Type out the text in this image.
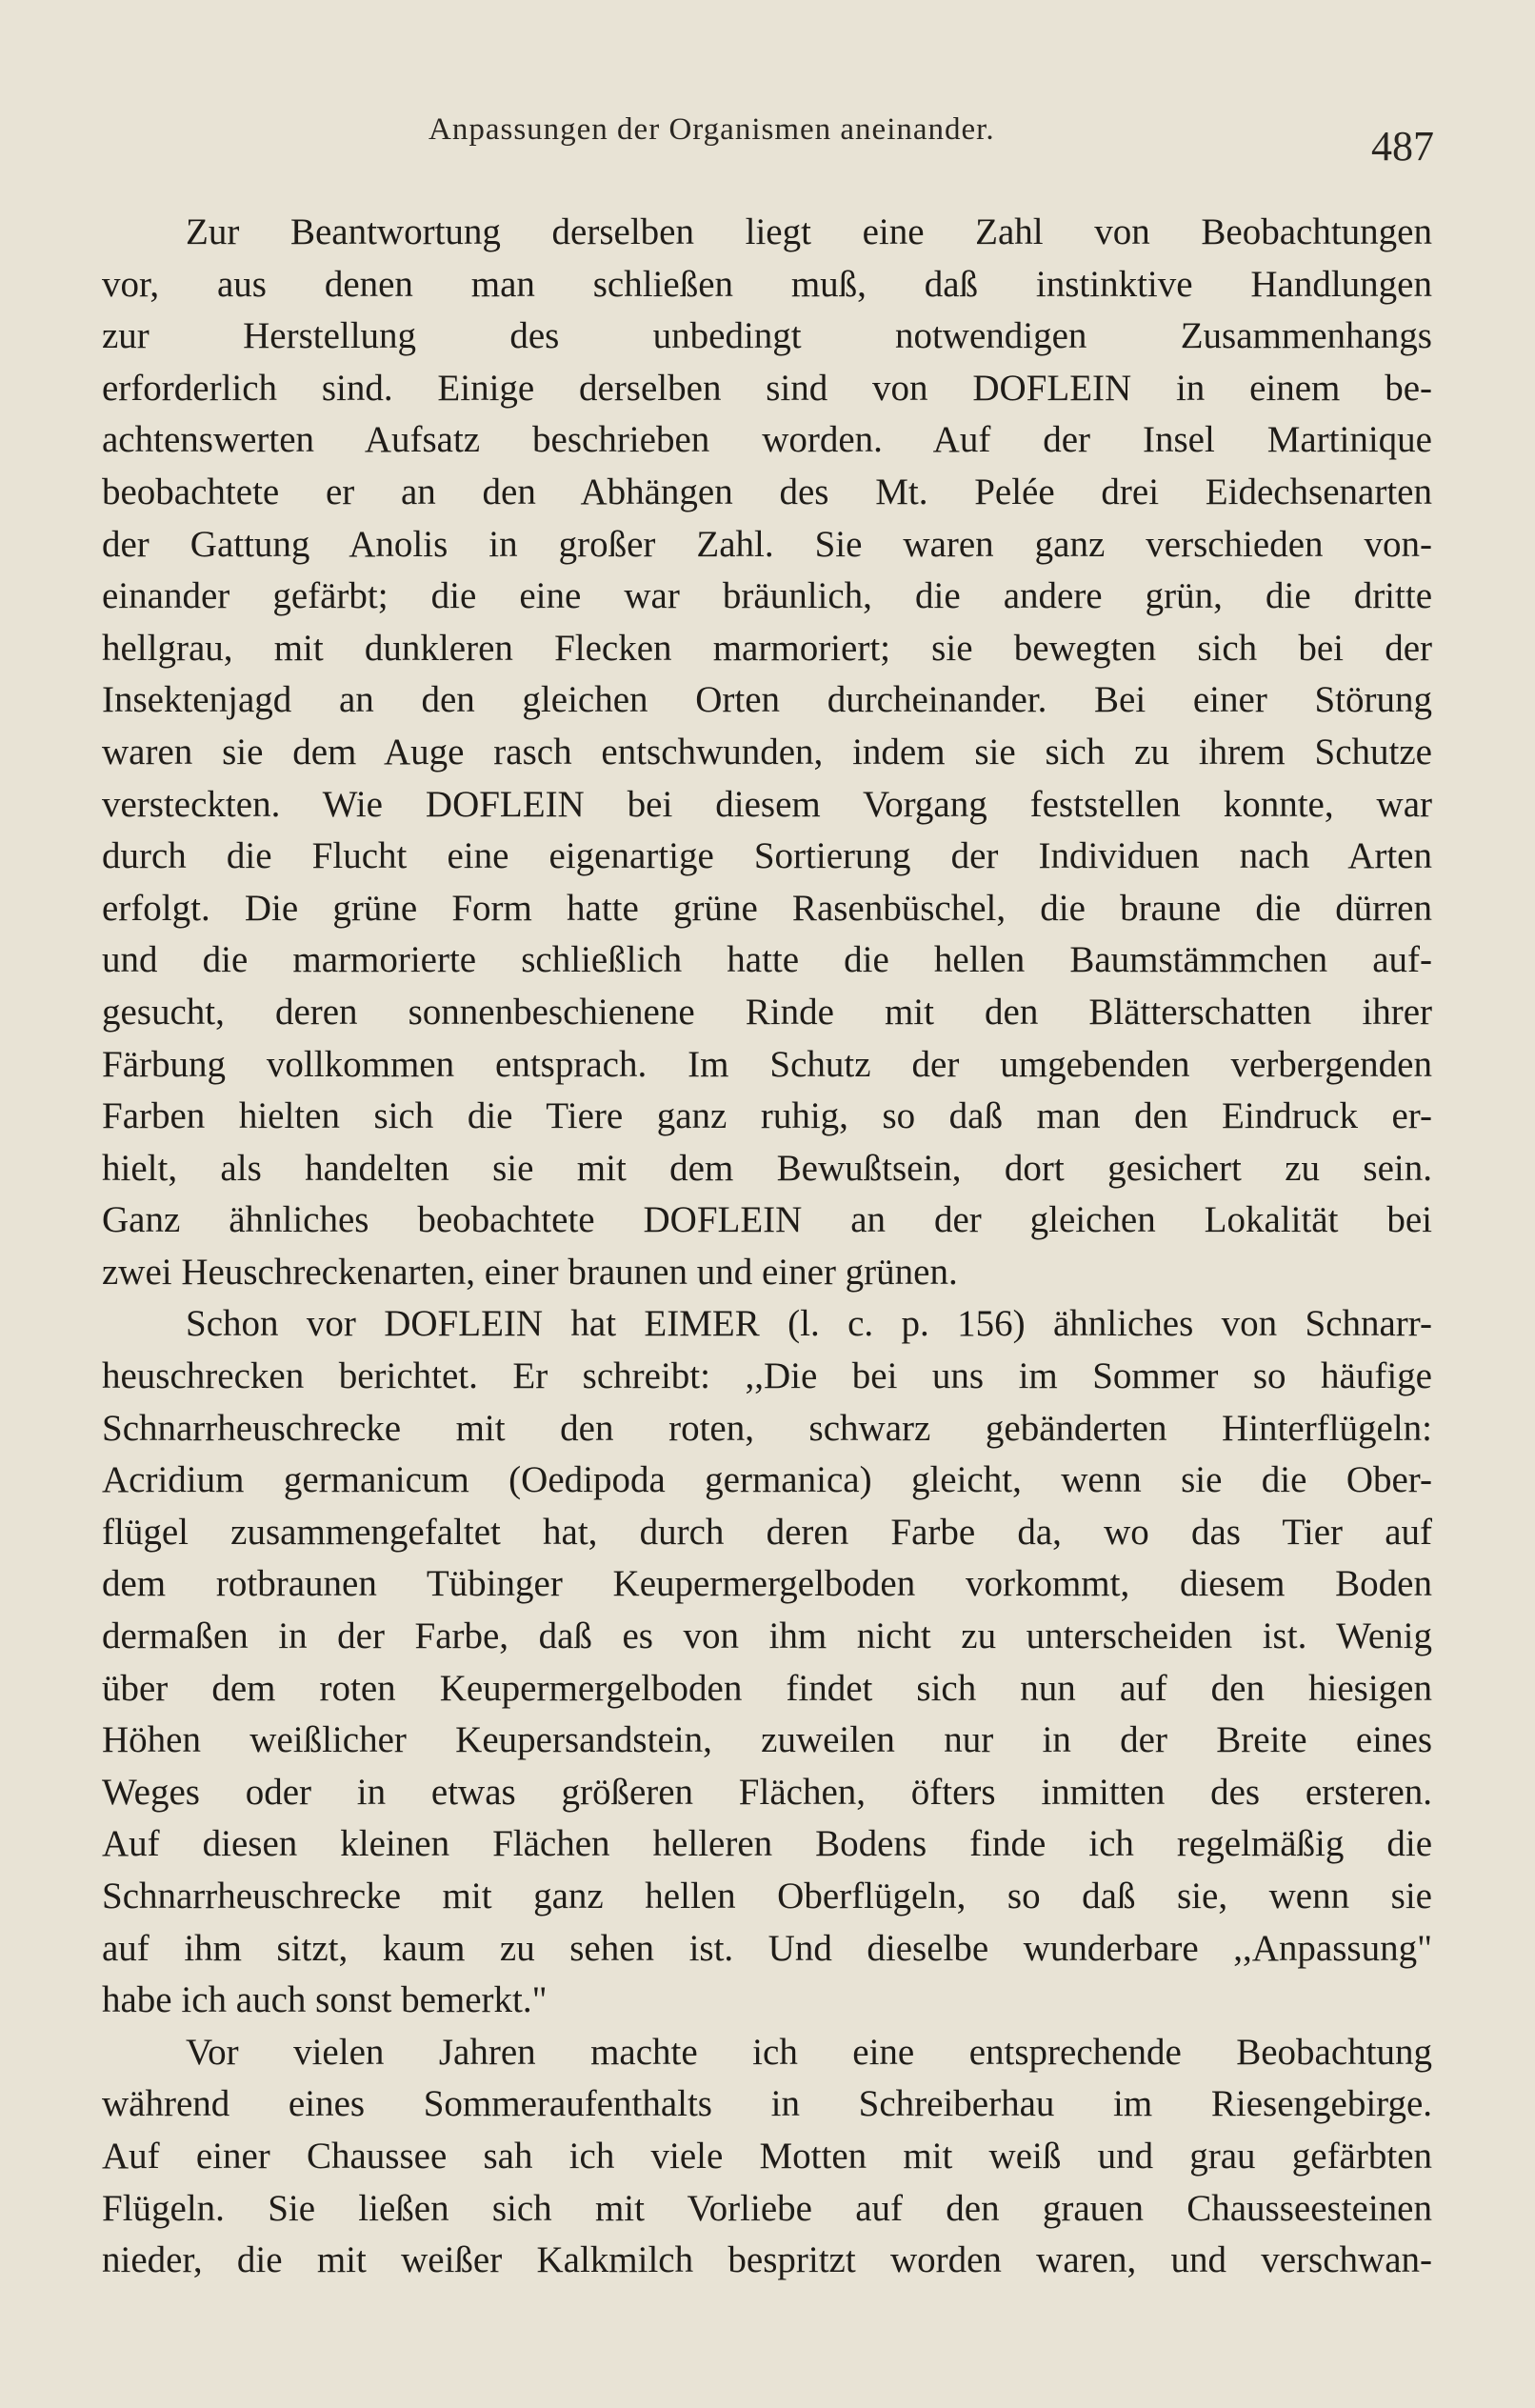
Anpassungen der Organismen aneinander.	487
Zur Beantwortung derselben liegt eine Zahl von Beobachtungen
vor, aus denen man schließen muß, daß instinktive Handlungen
zur Herstellung des unbedingt notwendigen Zusammenhangs
erforderlich sind. Einige derselben sind von DOFLEIN in einem be-
achtenswerten Aufsatz beschrieben worden. Auf der Insel Martinique
beobachtete er an den Abhängen des Mt. Pelée drei Eidechsenarten
der Gattung Anolis in großer Zahl. Sie waren ganz verschieden von-
einander gefärbt; die eine war bräunlich, die andere grün, die dritte
hellgrau, mit dunkleren Flecken marmoriert; sie bewegten sich bei der
Insektenjagd an den gleichen Orten durcheinander. Bei einer Störung
waren sie dem Auge rasch entschwunden, indem sie sich zu ihrem Schutze
versteckten. Wie DOFLEIN bei diesem Vorgang feststellen konnte, war
durch die Flucht eine eigenartige Sortierung der Individuen nach Arten
erfolgt. Die grüne Form hatte grüne Rasenbüschel, die braune die dürren
und die marmorierte schließlich hatte die hellen Baumstämmchen auf-
gesucht, deren sonnenbeschienene Rinde mit den Blätterschatten ihrer
Färbung vollkommen entsprach. Im Schutz der umgebenden verbergenden
Farben hielten sich die Tiere ganz ruhig, so daß man den Eindruck er-
hielt, als handelten sie mit dem Bewußtsein, dort gesichert zu sein.
Ganz ähnliches beobachtete DOFLEIN an der gleichen Lokalität bei
zwei Heuschreckenarten, einer braunen und einer grünen.
Schon vor DOFLEIN hat EIMER (l. c. p. 156) ähnliches von Schnarr-
heuschrecken berichtet. Er schreibt: ,,Die bei uns im Sommer so häufige
Schnarrheuschrecke mit den roten, schwarz gebänderten Hinterflügeln:
Acridium germanicum (Oedipoda germanica) gleicht, wenn sie die Ober-
flügel zusammengefaltet hat, durch deren Farbe da, wo das Tier auf
dem rotbraunen Tübinger Keupermergelboden vorkommt, diesem Boden
dermaßen in der Farbe, daß es von ihm nicht zu unterscheiden ist. Wenig
über dem roten Keupermergelboden findet sich nun auf den hiesigen
Höhen weißlicher Keupersandstein, zuweilen nur in der Breite eines
Weges oder in etwas größeren Flächen, öfters inmitten des ersteren.
Auf diesen kleinen Flächen helleren Bodens finde ich regelmäßig die
Schnarrheuschrecke mit ganz hellen Oberflügeln, so daß sie, wenn sie
auf ihm sitzt, kaum zu sehen ist. Und dieselbe wunderbare ,,Anpassung"
habe ich auch sonst bemerkt."
Vor vielen Jahren machte ich eine entsprechende Beobachtung
während eines Sommeraufenthalts in Schreiberhau im Riesengebirge.
Auf einer Chaussee sah ich viele Motten mit weiß und grau gefärbten
Flügeln. Sie ließen sich mit Vorliebe auf den grauen Chausseesteinen
nieder, die mit weißer Kalkmilch bespritzt worden waren, und verschwan-
